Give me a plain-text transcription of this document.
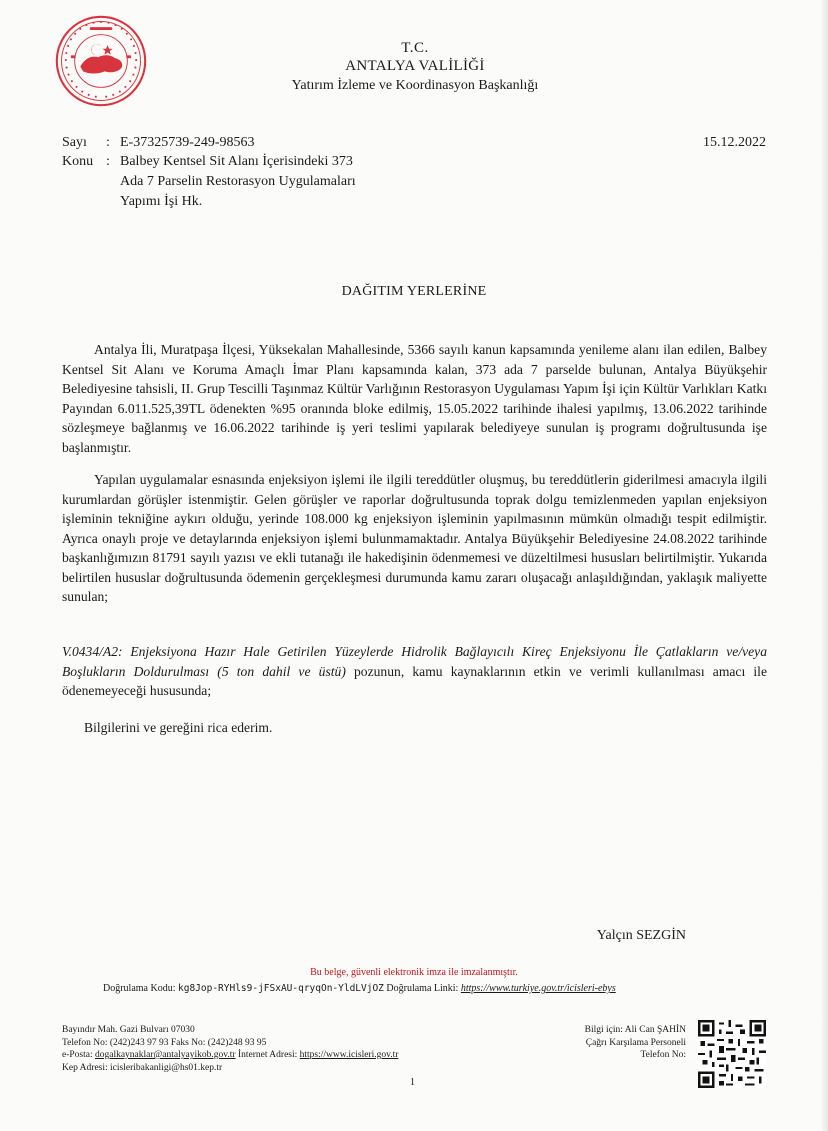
T.C.
ANTALYA VALİLİĞİ
Yatırım İzleme ve Koordinasyon Başkanlığı
Sayı : E-37325739-249-98563	15.12.2022
Konu : Balbey Kentsel Sit Alanı İçerisindeki 373
Ada 7 Parselin Restorasyon Uygulamaları
Yapımı İşi Hk.
DAĞITIM YERLERİNE

Antalya İli, Muratpaşa İlçesi, Yüksekalan Mahallesinde, 5366 sayılı kanun kapsamında yenileme alanı ilan edilen, Balbey Kentsel Sit Alanı ve Koruma Amaçlı İmar Planı kapsamında kalan, 373 ada 7 parselde bulunan, Antalya Büyükşehir Belediyesine tahsisli, II. Grup Tescilli Taşınmaz Kültür Varlığının Restorasyon Uygulaması Yapım İşi için Kültür Varlıkları Katkı Payından 6.011.525,39TL ödenekten %95 oranında bloke edilmiş, 15.05.2022 tarihinde ihalesi yapılmış, 13.06.2022 tarihinde sözleşmeye bağlanmış ve 16.06.2022 tarihinde iş yeri teslimi yapılarak belediyeye sunulan iş programı doğrultusunda işe başlanmıştır.

Yapılan uygulamalar esnasında enjeksiyon işlemi ile ilgili tereddütler oluşmuş, bu tereddütlerin giderilmesi amacıyla ilgili kurumlardan görüşler istenmiştir. Gelen görüşler ve raporlar doğrultusunda toprak dolgu temizlenmeden yapılan enjeksiyon işleminin tekniğine aykırı olduğu, yerinde 108.000 kg enjeksiyon işleminin yapılmasının mümkün olmadığı tespit edilmiştir. Ayrıca onaylı proje ve detaylarında enjeksiyon işlemi bulunmamaktadır. Antalya Büyükşehir Belediyesine 24.08.2022 tarihinde başkanlığımızın 81791 sayılı yazısı ve ekli tutanağı ile hakedişinin ödenmemesi ve düzeltilmesi hususları belirtilmiştir. Yukarıda belirtilen hususlar doğrultusunda ödemenin gerçekleşmesi durumunda kamu zararı oluşacağı anlaşıldığından, yaklaşık maliyette sunulan;

V.0434/A2: Enjeksiyona Hazır Hale Getirilen Yüzeylerde Hidrolik Bağlayıcılı Kireç Enjeksiyonu İle Çatlakların ve/veya Boşlukların Doldurulması (5 ton dahil ve üstü) pozunun, kamu kaynaklarının etkin ve verimli kullanılması amacı ile ödenemeyeceği hususunda;

Bilgilerini ve gereğini rica ederim.

Yalçın SEZGİN
Bu belge, güvenli elektronik imza ile imzalanmıştır.
Doğrulama Kodu: kg8Jop-RYHls9-jFSxAU-qryqOn-YldLVjOZ Doğrulama Linki: https://www.turkiye.gov.tr/icisleri-ebys
Bayındır Mah. Gazi Bulvarı 07030
Telefon No: (242)243 97 93 Faks No: (242)248 93 95
e-Posta: dogalkaynaklar@antalyayikob.gov.tr İnternet Adresi: https://www.icisleri.gov.tr
Kep Adresi: icisleribakanligi@hs01.kep.tr
Bilgi için: Ali Can ŞAHİN
Çağrı Karşılama Personeli
Telefon No:
1
